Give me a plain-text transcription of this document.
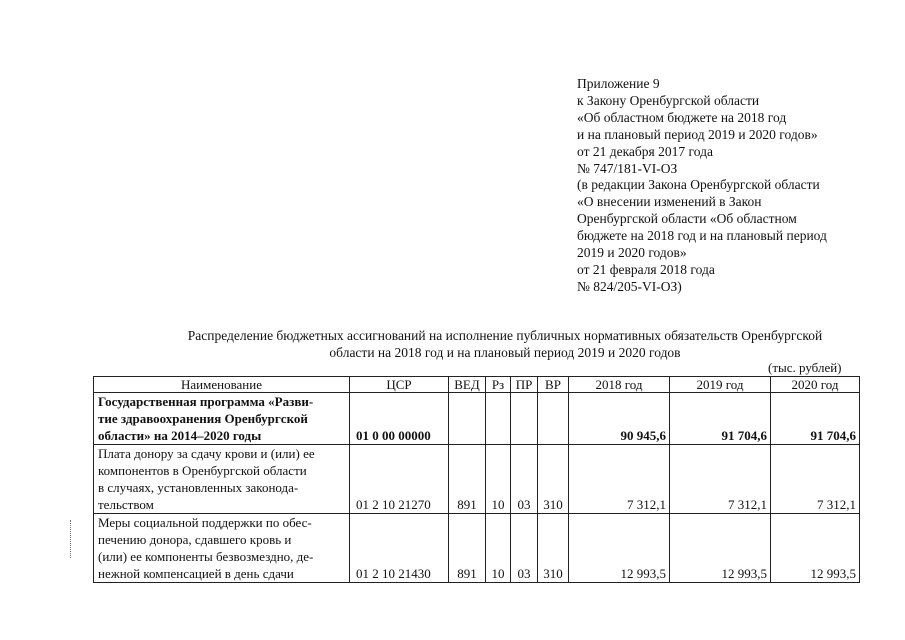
Приложение 9
к Закону Оренбургской области
«Об областном бюджете на 2018 год
и на плановый период 2019 и 2020 годов»
от 21 декабря 2017 года
№ 747/181-VI-ОЗ
(в редакции Закона Оренбургской области
«О внесении изменений в Закон
Оренбургской области «Об областном
бюджете на 2018 год и на плановый период
2019 и 2020 годов»
от 21 февраля 2018 года
№ 824/205-VI-ОЗ)
Распределение бюджетных ассигнований на исполнение публичных нормативных обязательств Оренбургской
области на 2018 год и на плановый период 2019 и 2020 годов
(тыс. рублей)
Наименование	ЦСР	ВЕД	Рз	ПР	ВР	2018 год	2019 год	2020 год

Государственная программа «Разви-
тие здравоохранения Оренбургской
области» на 2014–2020 годы	01 0 00 00000					90 945,6	91 704,6	91 704,6

Плата донору за сдачу крови и (или) ее
компонентов в Оренбургской области
в случаях, установленных законода-
тельством	01 2 10 21270	891	10	03	310	7 312,1	7 312,1	7 312,1

Меры социальной поддержки по обес-
печению донора, сдавшего кровь и
(или) ее компоненты безвозмездно, де-
нежной компенсацией в день сдачи	01 2 10 21430	891	10	03	310	12 993,5	12 993,5	12 993,5
